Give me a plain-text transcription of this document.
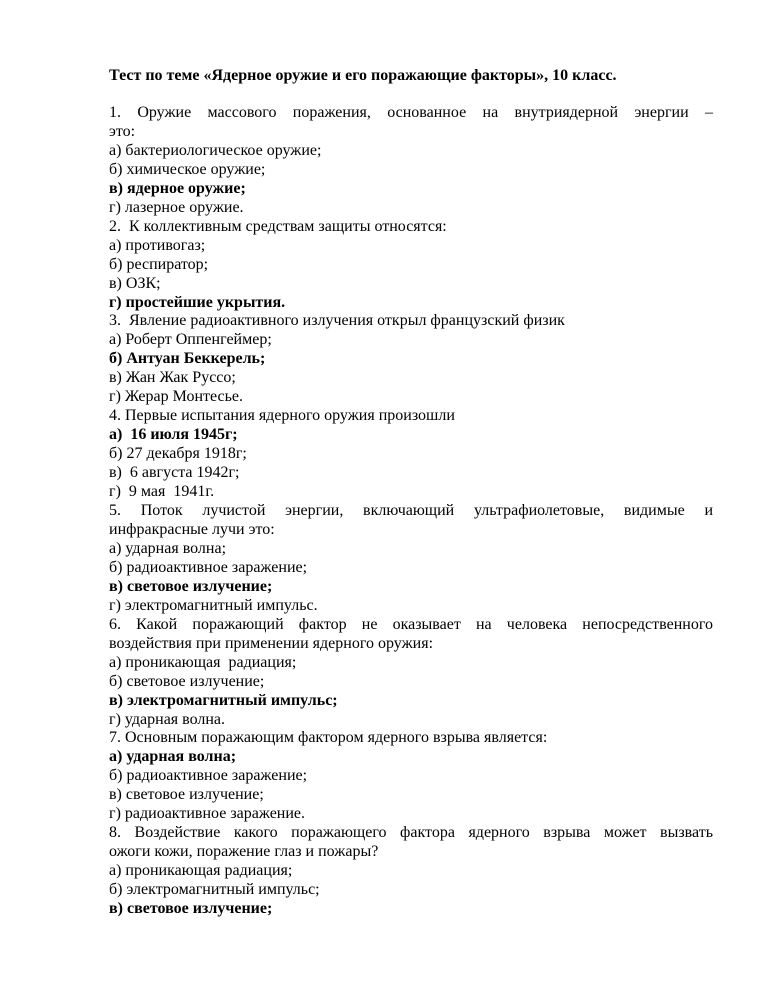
Тест по теме «Ядерное оружие и его поражающие факторы», 10 класс.

1. Оружие массового поражения, основанное на внутриядерной энергии –

это:

а) бактериологическое оружие;

б) химическое оружие;

в) ядерное оружие;

г) лазерное оружие.

2.  К коллективным средствам защиты относятся:

а) противогаз;

б) респиратор;

в) ОЗК;

г) простейшие укрытия.

3.  Явление радиоактивного излучения открыл французский физик

а) Роберт Оппенгеймер;

б) Антуан Беккерель;

в) Жан Жак Руссо;

г) Жерар Монтесье.

4. Первые испытания ядерного оружия произошли

а)  16 июля 1945г;

б) 27 декабря 1918г;

в)  6 августа 1942г;

г)  9 мая  1941г.

5. Поток лучистой энергии, включающий ультрафиолетовые, видимые и

инфракрасные лучи это:

а) ударная волна;

б) радиоактивное заражение;

в) световое излучение;

г) электромагнитный импульс.

6. Какой поражающий фактор не оказывает на человека непосредственного

воздействия при применении ядерного оружия:

а) проникающая  радиация;

б) световое излучение;

в) электромагнитный импульс;

г) ударная волна.

7. Основным поражающим фактором ядерного взрыва является:

а) ударная волна;

б) радиоактивное заражение;

в) световое излучение;

г) радиоактивное заражение.

8. Воздействие какого поражающего фактора ядерного взрыва может вызвать

ожоги кожи, поражение глаз и пожары?

а) проникающая радиация;

б) электромагнитный импульс;

в) световое излучение;
